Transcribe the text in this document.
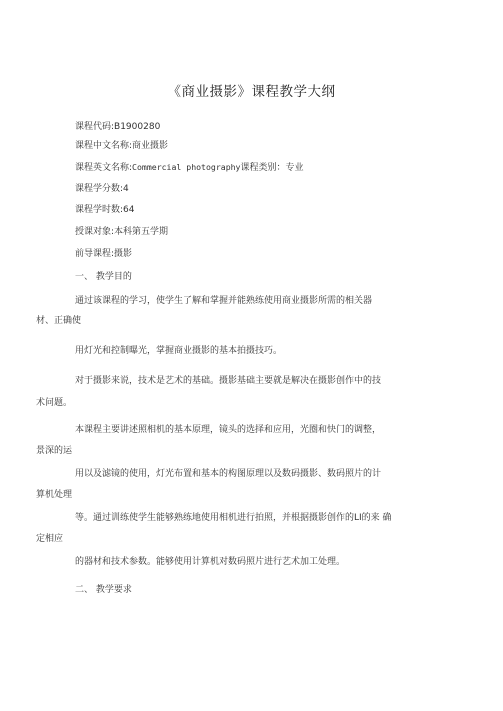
《商业摄影》课程教学大纲
课程代码:B1900280
课程中文名称:商业摄影
课程英文名称:Commercial photography课程类别：专业
课程学分数:4
课程学时数:64
授课对象:本科第五学期
前导课程:摄影
一、 教学目的
通过该课程的学习，使学生了解和掌握并能熟练使用商业摄影所需的相关器
材、正确使
用灯光和控制曝光，掌握商业摄影的基本拍摄技巧。
对于摄影来说，技术是艺术的基础。摄影基础主要就是解决在摄影创作中的技
术问题。
本课程主要讲述照相机的基本原理，镜头的选择和应用，光圈和快门的调整，
景深的运
用以及滤镜的使用，灯光布置和基本的构图原理以及数码摄影、数码照片的计
算机处理
等。通过训练使学生能够熟练地使用相机进行拍照，并根据摄影创作的LI的来 确
定相应
的器材和技术参数。能够使用计算机对数码照片进行艺术加工处理。
二、 教学要求
